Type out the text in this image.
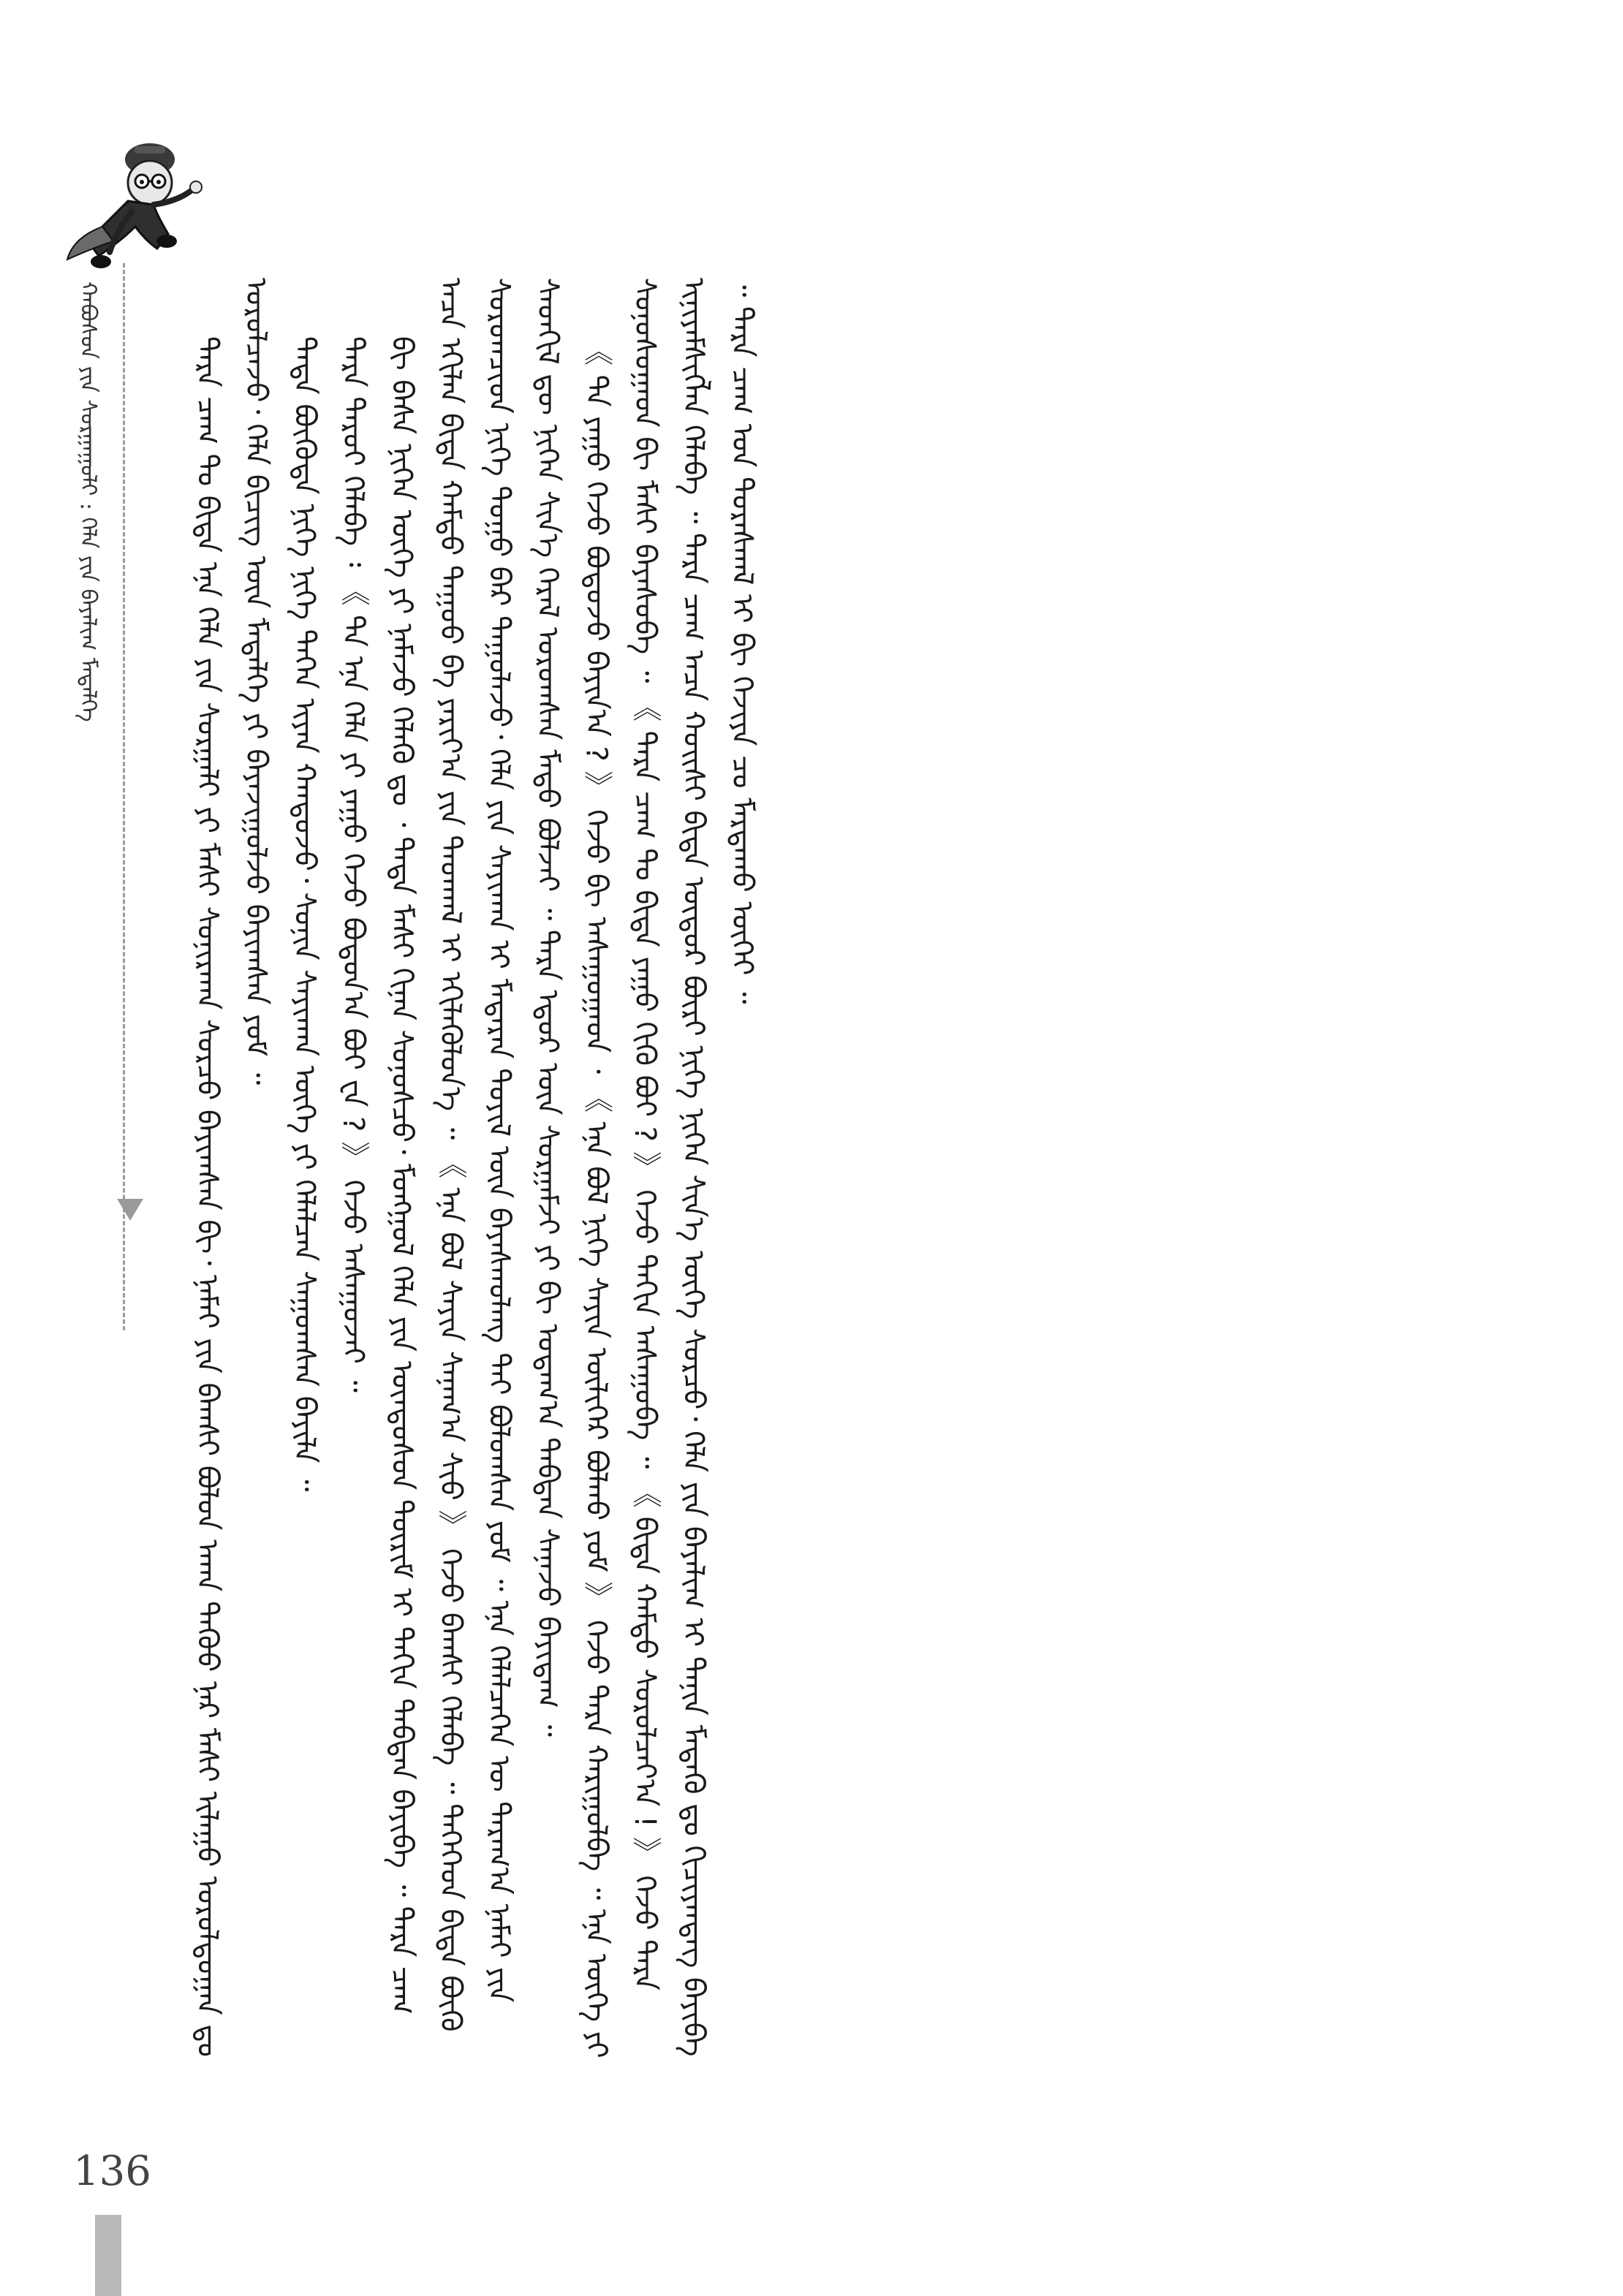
ᠬᠠᠪᠤᠰᠤᠨ ᠶᠢᠨ ᠰᠤᠷᠭᠠᠭᠤᠯᠢ : ᠬᠡᠯᠡ ᠶᠢᠨ ᠪᠠᠶᠠᠯᠢᠭ ᠮᠡᠳᠡᠯᠭᠡ	ᠲᠡᠷᠡ ᠴᠠᠭ ᠲᠤ ᠪᠢᠳᠡ ᠡᠨᠡ ᠬᠡᠯᠡ ᠶᠢᠨ ᠰᠤᠷᠭᠠᠯᠢ ᠶᠢ ᠮᠠᠰᠢ ᠰᠤᠨᠢᠷᠬᠠᠨ ᠰᠤᠷᠴᠤ ᠪᠠᠶᠢᠭᠰᠠᠨ ᠪᠢ᠂ ᠨᠠᠮᠠᠢ ᠶᠢᠨ ᠪᠠᠭᠰᠢ ᠪᠣᠯᠣᠨ ᠠᠬᠠ ᠳᠡᠭᠦᠦ ᠨᠠᠷ ᠮᠠᠰᠢ ᠢᠯᠠᠭᠤ ᠤᠷᠤᠯᠳᠤᠭᠠᠨ ᠳᠤ ᠣᠷᠤᠯᠴᠠᠵᠤ᠂ ᠬᠡᠯᠡ ᠪᠢᠴᠢᠭ ᠦᠨ ᠮᠡᠳᠡᠯᠭᠡ ᠶᠢ ᠪᠠᠶᠠᠵᠢᠭᠤᠯᠵᠤ ᠪᠠᠶᠢᠭᠰᠠᠨ ᠶᠤᠮ ᠃ ᠲᠡᠳᠡ ᠪᠦᠭᠦᠳᠡ ᠨᠢᠭᠡ ᠨᠢᠭᠡ ᠳᠡᠭᠡᠨ ᠢᠶᠡᠨ ᠬᠠᠨᠳᠤᠵᠤ᠂ ᠰᠣᠨᠢᠨ ᠰᠠᠶᠢᠬᠠᠨ ᠦᠭᠡ ᠶᠢ ᠬᠡᠯᠡᠯᠴᠡᠨ ᠰᠠᠭᠤᠭᠰᠠᠨ ᠪᠠᠶᠢᠯᠠ ᠃ ᠲᠡᠷᠡ ᠳᠠᠷᠤᠢ ᠬᠡᠯᠡᠪᠡ ᠄ 《 ᠲᠠ ᠡᠨᠡ ᠬᠡᠯᠡ ᠶᠢ ᠶᠠᠭᠤ ᠭᠡᠵᠦ ᠪᠣᠳᠣᠨ᠎ᠠ ᠪᠤᠢ ᠸᠡ ? 》 ᠭᠡᠵᠦ ᠠᠰᠠᠭᠤᠵᠠᠢ ᠃ ᠪᠢ ᠪᠠᠰᠠ ᠨᠢᠭᠡᠨ ᠦᠭᠡ ᠶᠢ ᠨᠡᠮᠡᠵᠦ ᠬᠡᠯᠡᠬᠦ ᠳᠤ ᠂ ᠲᠡᠳᠡ ᠮᠠᠰᠢ ᠬᠢᠨᠠᠨ ᠰᠣᠨᠣᠰᠴᠤ᠂ ᠮᠣᠩᠭᠣᠯ ᠬᠡᠯᠡ ᠶᠢᠨ ᠦᠨᠳᠦᠰᠦᠨ ᠳᠦᠷᠢᠮ ᠢ ᠳᠠᠬᠢᠨ ᠳᠠᠪᠲᠠᠨ ᠪᠠᠶᠢᠪᠠ ᠃ ᠲᠡᠷᠡ ᠴᠠᠭ ᠠᠴᠠ ᠡᠬᠢᠯᠡᠨ ᠪᠢᠳᠡ ᠬᠠᠮᠲᠤ ᠳᠠᠭᠤᠤ ᠪᠠ ᠶᠠᠷᠢᠶ᠎ᠠ ᠶᠢᠨ ᠳᠠᠳᠬᠠᠯ ᠢ ᠡᠬᠢᠯᠡᠭᠦᠯᠦᠨ᠎ᠡ ᠃ 《 ᠡᠨᠡ ᠪᠣᠯ ᠰᠠᠶᠢᠨ ᠰᠠᠨᠠᠭ᠎ᠠ ᠰᠢᠤ 》 ᠭᠡᠵᠦ ᠪᠠᠭᠰᠢ ᠬᠡᠯᠡᠪᠡ ᠃ ᠲᠡᠭᠡᠭᠡᠳ ᠪᠢᠳᠡ ᠪᠦᠬᠦ ᠰᠤᠷᠤᠭᠴᠢᠳ ᠨᠢᠭᠡ ᠳᠤᠭᠤ ᠪᠡᠷ ᠳᠠᠭᠤᠯᠠᠵᠤ᠂ ᠬᠡᠯᠡ ᠶᠢᠨ ᠰᠠᠶᠢᠬᠠᠨ ᠢ ᠮᠡᠳᠡᠷᠡᠨ ᠲᠤᠶᠢᠯ ᠦᠨ ᠪᠠᠶᠠᠰᠬᠤᠯᠠᠩ ᠲᠠᠢ ᠪᠣᠯᠤᠭᠰᠠᠨ ᠶᠤᠮ ᠃ ᠡᠨᠡ ᠬᠡᠯᠡᠯᠴᠡᠭᠡᠨ ᠦ ᠳᠠᠷᠠᠭ᠎ᠠ ᠨᠠᠮᠠᠢ ᠶᠢᠨ ᠰᠡᠳᠬᠢᠯ ᠳᠦ ᠨᠢᠭᠡᠨ ᠰᠢᠨ᠎ᠡ ᠭᠡᠷᠡᠯ ᠣᠷᠣᠭᠰᠠᠨ ᠮᠡᠲᠦ ᠪᠣᠯᠵᠠᠢ ᠃ ᠲᠡᠷᠡ ᠡᠳᠦᠷ ᠦᠨ ᠰᠤᠷᠭᠠᠮᠵᠢ ᠶᠢ ᠪᠢ ᠤᠳᠠᠭ᠎ᠠ ᠳᠠᠪᠲᠠᠨ ᠰᠠᠨᠠᠵᠤ ᠪᠠᠶᠢᠳᠠᠭ ᠃ 《 ᠲᠠ ᠶᠠᠭᠤ ᠭᠡᠵᠦ ᠪᠣᠳᠣᠵᠤ ᠪᠠᠶᠢᠨ᠎ᠠ ? 》 ᠭᠡᠵᠦ ᠪᠢ ᠠᠰᠠᠭᠤᠭᠠᠳ ᠂ 《 ᠡᠨᠡ ᠪᠣᠯ ᠨᠢᠭᠡ ᠰᠠᠶᠢᠨ ᠦᠯᠢᠭᠡᠷ ᠪᠣᠯᠬᠤ ᠶᠤᠮ 》 ᠭᠡᠵᠦ ᠲᠡᠷᠡ ᠬᠠᠷᠢᠭᠤᠯᠪᠠ ᠃ ᠡᠨᠡ ᠦᠭᠡ ᠶᠢ ᠰᠣᠨᠣᠰᠤᠭᠠᠳ ᠪᠢ ᠮᠠᠰᠢ ᠪᠠᠶᠠᠰᠤᠪᠠ ᠃ 《 ᠲᠡᠷᠡ ᠴᠠᠭ ᠲᠤ ᠪᠢᠳᠡ ᠶᠠᠭᠤ ᠬᠢᠬᠦ ᠪᠤᠢ ? 》 ᠭᠡᠵᠦ ᠳᠠᠬᠢᠨ ᠠᠰᠠᠭᠤᠪᠠ ᠃ 《 ᠪᠢᠳᠡ ᠬᠠᠮᠲᠤ ᠰᠤᠷᠤᠯᠴᠠᠶ᠎ᠠ ! 》 ᠭᠡᠵᠦ ᠲᠡᠷᠡ ᠢᠨᠢᠶᠡᠮᠰᠢᠭᠯᠡᠨ ᠬᠡᠯᠡᠪᠡ ᠃ ᠲᠡᠷᠡ ᠴᠠᠭ ᠠᠴᠠ ᠬᠣᠢᠰᠢ ᠪᠢᠳᠡ ᠦᠳᠦᠷ ᠪᠦᠷᠢ ᠨᠢᠭᠡ ᠨᠢᠭᠡᠨ ᠰᠢᠨ᠎ᠡ ᠦᠭᠡ ᠰᠤᠷᠴᠤ᠂ ᠬᠡᠯᠡ ᠶᠢᠨ ᠪᠠᠶᠠᠯᠢᠭ ᠢ ᠲᠠᠨᠢᠨ ᠮᠡᠳᠡᠬᠦ ᠳᠤ ᠬᠢᠴᠢᠶᠡᠨᠳᠡᠭ ᠪᠠᠶᠢᠪᠠ ᠃ ᠲᠡᠷᠡ ᠴᠠᠭ ᠤᠨ ᠳᠤᠷᠠᠰᠬᠠᠯ ᠢ ᠪᠢ ᠬᠡᠵᠢᠶᠡ ᠴᠤ ᠮᠠᠷᠳᠠᠬᠤ ᠦᠭᠡᠢ ᠃

136
